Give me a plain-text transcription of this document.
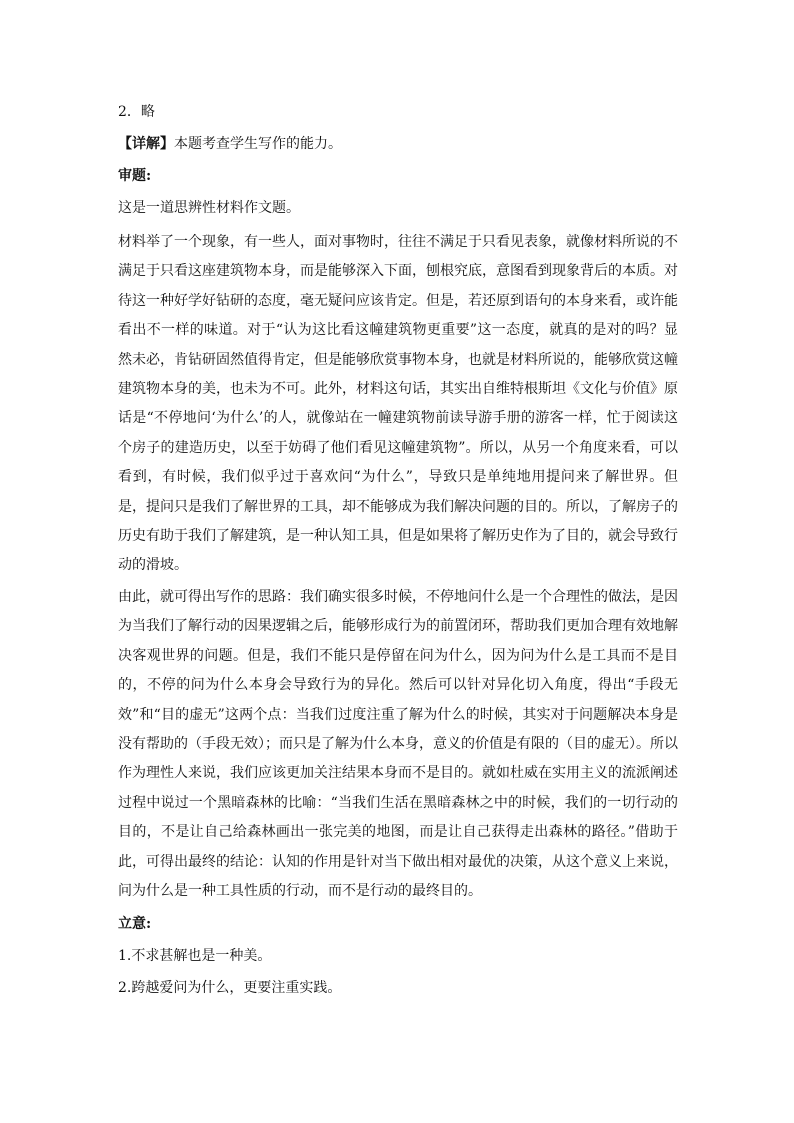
2．略

【详解】本题考查学生写作的能力。

审题:

这是一道思辨性材料作文题。

材料举了一个现象，有一些人，面对事物时，往往不满足于只看见表象，就像材料所说的不满足于只看这座建筑物本身，而是能够深入下面，刨根究底，意图看到现象背后的本质。对待这一种好学好钻研的态度，毫无疑问应该肯定。但是，若还原到语句的本身来看，或许能看出不一样的味道。对于“认为这比看这幢建筑物更重要”这一态度，就真的是对的吗？显然未必，肯钻研固然值得肯定，但是能够欣赏事物本身，也就是材料所说的，能够欣赏这幢建筑物本身的美，也未为不可。此外，材料这句话，其实出自维特根斯坦《文化与价值》原话是“不停地问‘为什么’的人，就像站在一幢建筑物前读导游手册的游客一样，忙于阅读这个房子的建造历史，以至于妨碍了他们看见这幢建筑物”。所以，从另一个角度来看，可以看到，有时候，我们似乎过于喜欢问“为什么”，导致只是单纯地用提问来了解世界。但是，提问只是我们了解世界的工具，却不能够成为我们解决问题的目的。所以，了解房子的历史有助于我们了解建筑，是一种认知工具，但是如果将了解历史作为了目的，就会导致行动的滑坡。

由此，就可得出写作的思路：我们确实很多时候，不停地问什么是一个合理性的做法，是因为当我们了解行动的因果逻辑之后，能够形成行为的前置闭环，帮助我们更加合理有效地解决客观世界的问题。但是，我们不能只是停留在问为什么，因为问为什么是工具而不是目的，不停的问为什么本身会导致行为的异化。然后可以针对异化切入角度，得出“手段无效”和“目的虚无”这两个点：当我们过度注重了解为什么的时候，其实对于问题解决本身是没有帮助的（手段无效）；而只是了解为什么本身，意义的价值是有限的（目的虚无）。所以作为理性人来说，我们应该更加关注结果本身而不是目的。就如杜威在实用主义的流派阐述过程中说过一个黑暗森林的比喻：“当我们生活在黑暗森林之中的时候，我们的一切行动的目的，不是让自己给森林画出一张完美的地图，而是让自己获得走出森林的路径。”借助于此，可得出最终的结论：认知的作用是针对当下做出相对最优的决策，从这个意义上来说，问为什么是一种工具性质的行动，而不是行动的最终目的。

立意:

1.不求甚解也是一种美。

2.跨越爱问为什么，更要注重实践。
